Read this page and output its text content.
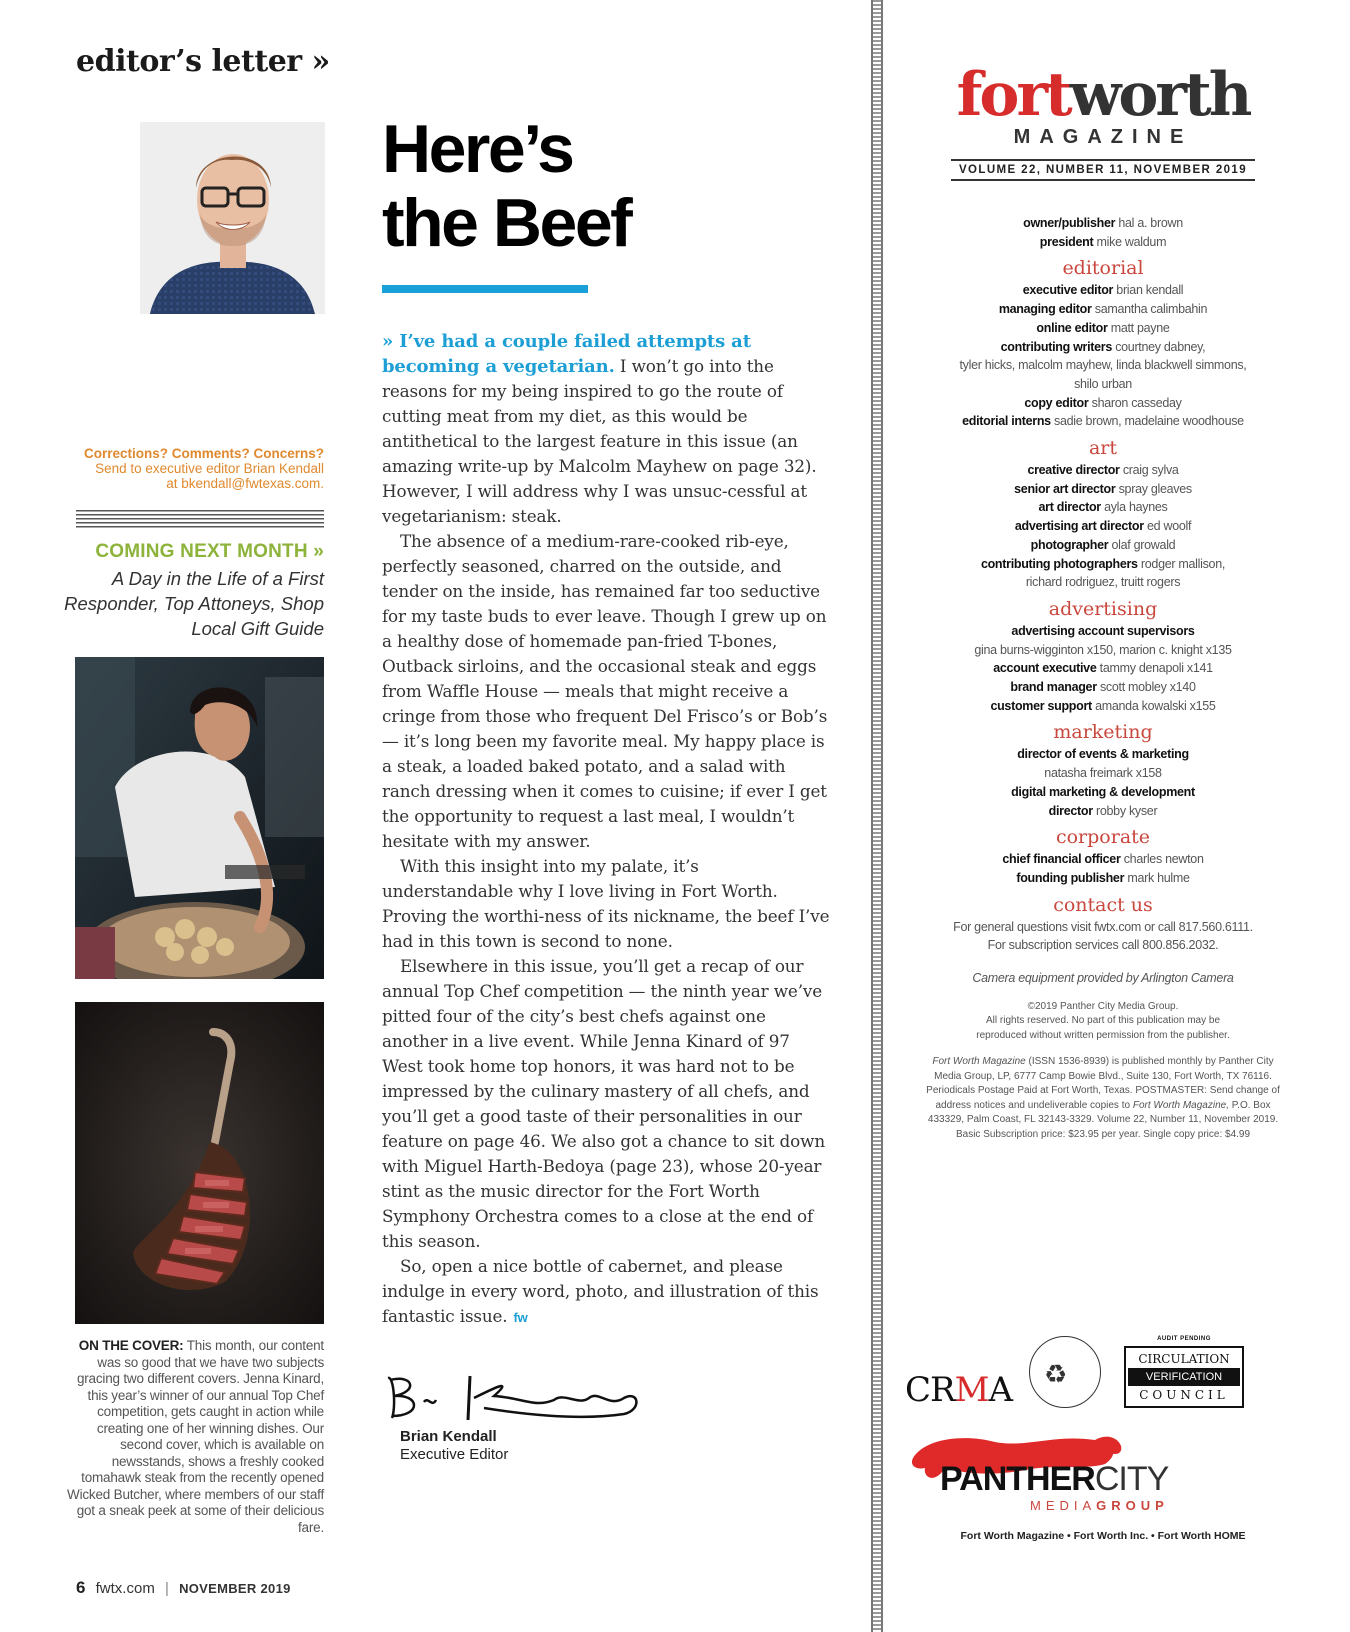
editor’s letter »
Corrections? Comments? Concerns?
Send to executive editor Brian Kendall
at bkendall@fwtexas.com.
COMING NEXT MONTH »
A Day in the Life of a First Responder, Top Attoneys, Shop Local Gift Guide
ON THE COVER: This month, our content was so good that we have two subjects gracing two different covers. Jenna Kinard, this year’s winner of our annual Top Chef competition, gets caught in action while creating one of her winning dishes. Our second cover, which is available on newsstands, shows a freshly cooked tomahawk steak from the recently opened Wicked Butcher, where members of our staff got a sneak peek at some of their delicious fare.
Here’s
the Beef

» I’ve had a couple failed attempts at becoming a vegetarian. I won’t go into the reasons for my being inspired to go the route of cutting meat from my diet, as this would be antithetical to the largest feature in this issue (an amazing write-up by Malcolm Mayhew on page 32). However, I will address why I was unsuc-cessful at vegetarianism: steak.

The absence of a medium-rare-cooked rib-eye, perfectly seasoned, charred on the outside, and tender on the inside, has remained far too seductive for my taste buds to ever leave. Though I grew up on a healthy dose of homemade pan-fried T-bones, Outback sirloins, and the occasional steak and eggs from Waffle House — meals that might receive a cringe from those who frequent Del Frisco’s or Bob’s — it’s long been my favorite meal. My happy place is a steak, a loaded baked potato, and a salad with ranch dressing when it comes to cuisine; if ever I get the opportunity to request a last meal, I wouldn’t hesitate with my answer.

With this insight into my palate, it’s understandable why I love living in Fort Worth. Proving the worthi-ness of its nickname, the beef I’ve had in this town is second to none.

Elsewhere in this issue, you’ll get a recap of our annual Top Chef competition — the ninth year we’ve pitted four of the city’s best chefs against one another in a live event. While Jenna Kinard of 97 West took home top honors, it was hard not to be impressed by the culinary mastery of all chefs, and you’ll get a good taste of their personalities in our feature on page 46. We also got a chance to sit down with Miguel Harth-Bedoya (page 23), whose 20-year stint as the music director for the Fort Worth Symphony Orchestra comes to a close at the end of this season.

So, open a nice bottle of cabernet, and please indulge in every word, photo, and illustration of this fantastic issue. fw

Brian Kendall
Executive Editor
6 fwtx.com | NOVEMBER 2019
fortworth
MAGAZINE
VOLUME 22, NUMBER 11, NOVEMBER 2019
owner/publisher hal a. brown
president mike waldum
editorial
executive editor brian kendall
managing editor samantha calimbahin
online editor matt payne
contributing writers courtney dabney,
tyler hicks, malcolm mayhew, linda blackwell simmons,
shilo urban
copy editor sharon casseday
editorial interns sadie brown, madelaine woodhouse
art
creative director craig sylva
senior art director spray gleaves
art director ayla haynes
advertising art director ed woolf
photographer olaf growald
contributing photographers rodger mallison,
richard rodriguez, truitt rogers
advertising
advertising account supervisors
gina burns-wigginton x150, marion c. knight x135
account executive tammy denapoli x141
brand manager scott mobley x140
customer support amanda kowalski x155
marketing
director of events & marketing
natasha freimark x158
digital marketing & development
director robby kyser
corporate
chief financial officer charles newton
founding publisher mark hulme
contact us
For general questions visit fwtx.com or call 817.560.6111.
For subscription services call 800.856.2032.
Camera equipment provided by Arlington Camera
©2019 Panther City Media Group.
All rights reserved. No part of this publication may be
reproduced without written permission from the publisher.
Fort Worth Magazine (ISSN 1536-8939) is published monthly by Panther City Media Group, LP, 6777 Camp Bowie Blvd., Suite 130, Fort Worth, TX 76116. Periodicals Postage Paid at Fort Worth, Texas. POSTMASTER: Send change of address notices and undeliverable copies to Fort Worth Magazine, P.O. Box 433329, Palm Coast, FL 32143-3329. Volume 22, Number 11, November 2019. Basic Subscription price: $23.95 per year. Single copy price: $4.99
CRMA ♻
AUDIT PENDING
CIRCULATION
VERIFICATION
COUNCIL
PANTHERCITY
MEDIAGROUP
Fort Worth Magazine • Fort Worth Inc. • Fort Worth HOME
